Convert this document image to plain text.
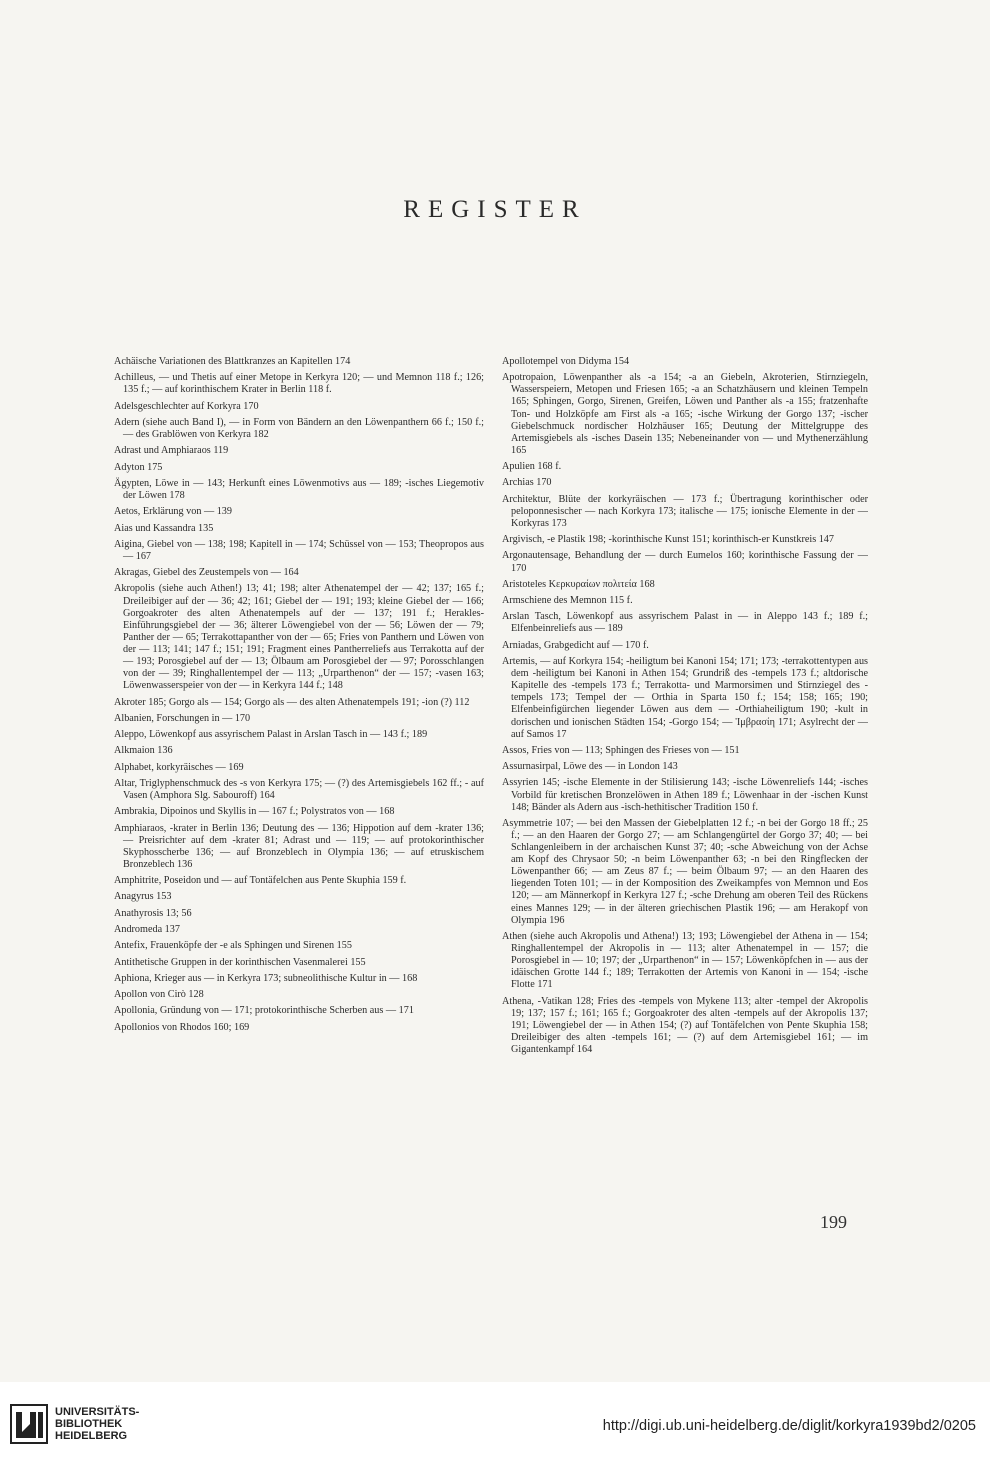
REGISTER

Achäische Variationen des Blattkranzes an Kapitellen 174

Achilleus, — und Thetis auf einer Metope in Kerkyra 120; — und Memnon 118 f.; 126; 135 f.; — auf korinthischem Krater in Berlin 118 f.

Adelsgeschlechter auf Korkyra 170

Adern (siehe auch Band I), — in Form von Bändern an den Löwenpanthern 66 f.; 150 f.; — des Grablöwen von Kerkyra 182

Adrast und Amphiaraos 119

Adyton 175

Ägypten, Löwe in — 143; Herkunft eines Löwenmotivs aus — 189; -isches Liegemotiv der Löwen 178

Aetos, Erklärung von — 139

Aias und Kassandra 135

Aigina, Giebel von — 138; 198; Kapitell in — 174; Schüssel von — 153; Theopropos aus — 167

Akragas, Giebel des Zeustempels von — 164

Akropolis (siehe auch Athen!) 13; 41; 198; alter Athenatempel der — 42; 137; 165 f.; Dreileibiger auf der — 36; 42; 161; Giebel der — 191; 193; kleine Giebel der — 166; Gorgoakroter des alten Athenatempels auf der — 137; 191 f.; Herakles-Einführungsgiebel der — 36; älterer Löwengiebel von der — 56; Löwen der — 79; Panther der — 65; Terrakottapanther von der — 65; Fries von Panthern und Löwen von der — 113; 141; 147 f.; 151; 191; Fragment eines Pantherreliefs aus Terrakotta auf der — 193; Porosgiebel auf der — 13; Ölbaum am Porosgiebel der — 97; Porosschlangen von der — 39; Ringhallentempel der — 113; „Urparthenon“ der — 157; -vasen 163; Löwenwasserspeier von der — in Kerkyra 144 f.; 148

Akroter 185; Gorgo als — 154; Gorgo als — des alten Athenatempels 191; -ion (?) 112

Albanien, Forschungen in — 170

Aleppo, Löwenkopf aus assyrischem Palast in Arslan Tasch in — 143 f.; 189

Alkmaion 136

Alphabet, korkyräisches — 169

Altar, Triglyphenschmuck des -s von Kerkyra 175; — (?) des Artemisgiebels 162 ff.; - auf Vasen (Amphora Slg. Sabouroff) 164

Ambrakia, Dipoinos und Skyllis in — 167 f.; Polystratos von — 168

Amphiaraos, -krater in Berlin 136; Deutung des — 136; Hippotion auf dem -krater 136; — Preisrichter auf dem -krater 81; Adrast und — 119; — auf protokorinthischer Skyphosscherbe 136; — auf Bronzeblech in Olympia 136; — auf etruskischem Bronzeblech 136

Amphitrite, Poseidon und — auf Tontäfelchen aus Pente Skuphia 159 f.

Anagyrus 153

Anathyrosis 13; 56

Andromeda 137

Antefix, Frauenköpfe der -e als Sphingen und Sirenen 155

Antithetische Gruppen in der korinthischen Vasenmalerei 155

Aphiona, Krieger aus — in Kerkyra 173; subneolithische Kultur in — 168

Apollon von Cirò 128

Apollonia, Gründung von — 171; protokorinthische Scherben aus — 171

Apollonios von Rhodos 160; 169

Apollotempel von Didyma 154

Apotropaion, Löwenpanther als -a 154; -a an Giebeln, Akroterien, Stirnziegeln, Wasserspeiern, Metopen und Friesen 165; -a an Schatzhäusern und kleinen Tempeln 165; Sphingen, Gorgo, Sirenen, Greifen, Löwen und Panther als -a 155; fratzenhafte Ton- und Holzköpfe am First als -a 165; -ische Wirkung der Gorgo 137; -ischer Giebelschmuck nordischer Holzhäuser 165; Deutung der Mittelgruppe des Artemisgiebels als -isches Dasein 135; Nebeneinander von — und Mythenerzählung 165

Apulien 168 f.

Archias 170

Architektur, Blüte der korkyräischen — 173 f.; Übertragung korinthischer oder peloponnesischer — nach Korkyra 173; italische — 175; ionische Elemente in der — Korkyras 173

Argivisch, -e Plastik 198; -korinthische Kunst 151; korinthisch-er Kunstkreis 147

Argonautensage, Behandlung der — durch Eumelos 160; korinthische Fassung der — 170

Aristoteles Κερκυραίων πολιτεία 168

Armschiene des Memnon 115 f.

Arslan Tasch, Löwenkopf aus assyrischem Palast in — in Aleppo 143 f.; 189 f.; Elfenbeinreliefs aus — 189

Arniadas, Grabgedicht auf — 170 f.

Artemis, — auf Korkyra 154; -heiligtum bei Kanoni 154; 171; 173; -terrakottentypen aus dem -heiligtum bei Kanoni in Athen 154; Grundriß des -tempels 173 f.; altdorische Kapitelle des -tempels 173 f.; Terrakotta- und Marmorsimen und Stirnziegel des -tempels 173; Tempel der — Orthia in Sparta 150 f.; 154; 158; 165; 190; Elfenbeinfigürchen liegender Löwen aus dem — -Orthiaheiligtum 190; -kult in dorischen und ionischen Städten 154; -Gorgo 154; — Ἰμβρασίη 171; Asylrecht der — auf Samos 17

Assos, Fries von — 113; Sphingen des Frieses von — 151

Assurnasirpal, Löwe des — in London 143

Assyrien 145; -ische Elemente in der Stilisierung 143; -ische Löwenreliefs 144; -isches Vorbild für kretischen Bronzelöwen in Athen 189 f.; Löwenhaar in der -ischen Kunst 148; Bänder als Adern aus -isch-hethitischer Tradition 150 f.

Asymmetrie 107; — bei den Massen der Giebelplatten 12 f.; -n bei der Gorgo 18 ff.; 25 f.; — an den Haaren der Gorgo 27; — am Schlangengürtel der Gorgo 37; 40; — bei Schlangenleibern in der archaischen Kunst 37; 40; -sche Abweichung von der Achse am Kopf des Chrysaor 50; -n beim Löwenpanther 63; -n bei den Ringflecken der Löwenpanther 66; — am Zeus 87 f.; — beim Ölbaum 97; — an den Haaren des liegenden Toten 101; — in der Komposition des Zweikampfes von Memnon und Eos 120; — am Männerkopf in Kerkyra 127 f.; -sche Drehung am oberen Teil des Rückens eines Mannes 129; — in der älteren griechischen Plastik 196; — am Herakopf von Olympia 196

Athen (siehe auch Akropolis und Athena!) 13; 193; Löwengiebel der Athena in — 154; Ringhallentempel der Akropolis in — 113; alter Athenatempel in — 157; die Porosgiebel in — 10; 197; der „Urparthenon“ in — 157; Löwenköpfchen in — aus der idäischen Grotte 144 f.; 189; Terrakotten der Artemis von Kanoni in — 154; -ische Flotte 171

Athena, -Vatikan 128; Fries des -tempels von Mykene 113; alter -tempel der Akropolis 19; 137; 157 f.; 161; 165 f.; Gorgoakroter des alten -tempels auf der Akropolis 137; 191; Löwengiebel der — in Athen 154; (?) auf Tontäfelchen von Pente Skuphia 158; Dreileibiger des alten -tempels 161; — (?) auf dem Artemisgiebel 161; — im Gigantenkampf 164

199
UNIVERSITÄTS-
BIBLIOTHEK
HEIDELBERG
http://digi.ub.uni-heidelberg.de/diglit/korkyra1939bd2/0205
